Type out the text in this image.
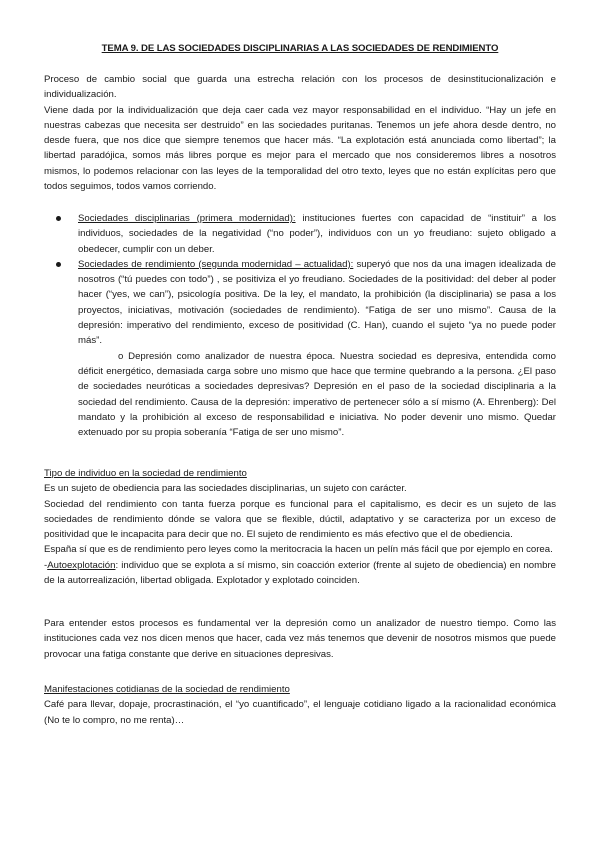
TEMA 9. DE LAS SOCIEDADES DISCIPLINARIAS A LAS SOCIEDADES DE RENDIMIENTO

Proceso de cambio social que guarda una estrecha relación con los procesos de desinstitucionalización e individualización.

Viene dada por la individualización que deja caer cada vez mayor responsabilidad en el individuo. “Hay un jefe en nuestras cabezas que necesita ser destruido” en las sociedades puritanas. Tenemos un jefe ahora desde dentro, no desde fuera, que nos dice que siempre tenemos que hacer más. “La explotación está anunciada como libertad”; la libertad paradójica, somos más libres porque es mejor para el mercado que nos consideremos libres a nosotros mismos, lo podemos relacionar con las leyes de la temporalidad del otro texto, leyes que no están explícitas pero que todos seguimos, todos vamos corriendo.

Sociedades disciplinarias (primera modernidad): instituciones fuertes con capacidad de “instituir” a los individuos, sociedades de la negatividad (“no poder”), individuos con un yo freudiano: sujeto obligado a obedecer, cumplir con un deber.
Sociedades de rendimiento (segunda modernidad – actualidad): superyó que nos da una imagen idealizada de nosotros (“tú puedes con todo”) , se positiviza el yo freudiano. Sociedades de la positividad: del deber al poder hacer (“yes, we can”), psicología positiva. De la ley, el mandato, la prohibición (la disciplinaria) se pasa a los proyectos, iniciativas, motivación (sociedades de rendimiento). “Fatiga de ser uno mismo”. Causa de la depresión: imperativo del rendimiento, exceso de positividad (C. Han), cuando el sujeto “ya no puede poder más”.

o Depresión como analizador de nuestra época. Nuestra sociedad es depresiva, entendida como déficit energético, demasiada carga sobre uno mismo que hace que termine quebrando a la persona. ¿El paso de sociedades neuróticas a sociedades depresivas? Depresión en el paso de la sociedad disciplinaria a la sociedad del rendimiento. Causa de la depresión: imperativo de pertenecer sólo a sí mismo (A. Ehrenberg): Del mandato y la prohibición al exceso de responsabilidad e iniciativa. No poder devenir uno mismo. Quedar extenuado por su propia soberanía “Fatiga de ser uno mismo”.

Tipo de individuo en la sociedad de rendimiento

Es un sujeto de obediencia para las sociedades disciplinarias, un sujeto con carácter.

Sociedad del rendimiento con tanta fuerza porque es funcional para el capitalismo, es decir es un sujeto de las sociedades de rendimiento dónde se valora que se flexible, dúctil, adaptativo y se caracteriza por un exceso de positividad que le incapacita para decir que no. El sujeto de rendimiento es más efectivo que el de obediencia.

España sí que es de rendimiento pero leyes como la meritocracia la hacen un pelín más fácil que por ejemplo en corea.

-Autoexplotación: individuo que se explota a sí mismo, sin coacción exterior (frente al sujeto de obediencia) en nombre de la autorrealización, libertad obligada. Explotador y explotado coinciden.

Para entender estos procesos es fundamental ver la depresión como un analizador de nuestro tiempo. Como las instituciones cada vez nos dicen menos que hacer, cada vez más tenemos que devenir de nosotros mismos que puede provocar una fatiga constante que derive en situaciones depresivas.

Manifestaciones cotidianas de la sociedad de rendimiento

Café para llevar, dopaje, procrastinación, el “yo cuantificado”, el lenguaje cotidiano ligado a la racionalidad económica (No te lo compro, no me renta)…
